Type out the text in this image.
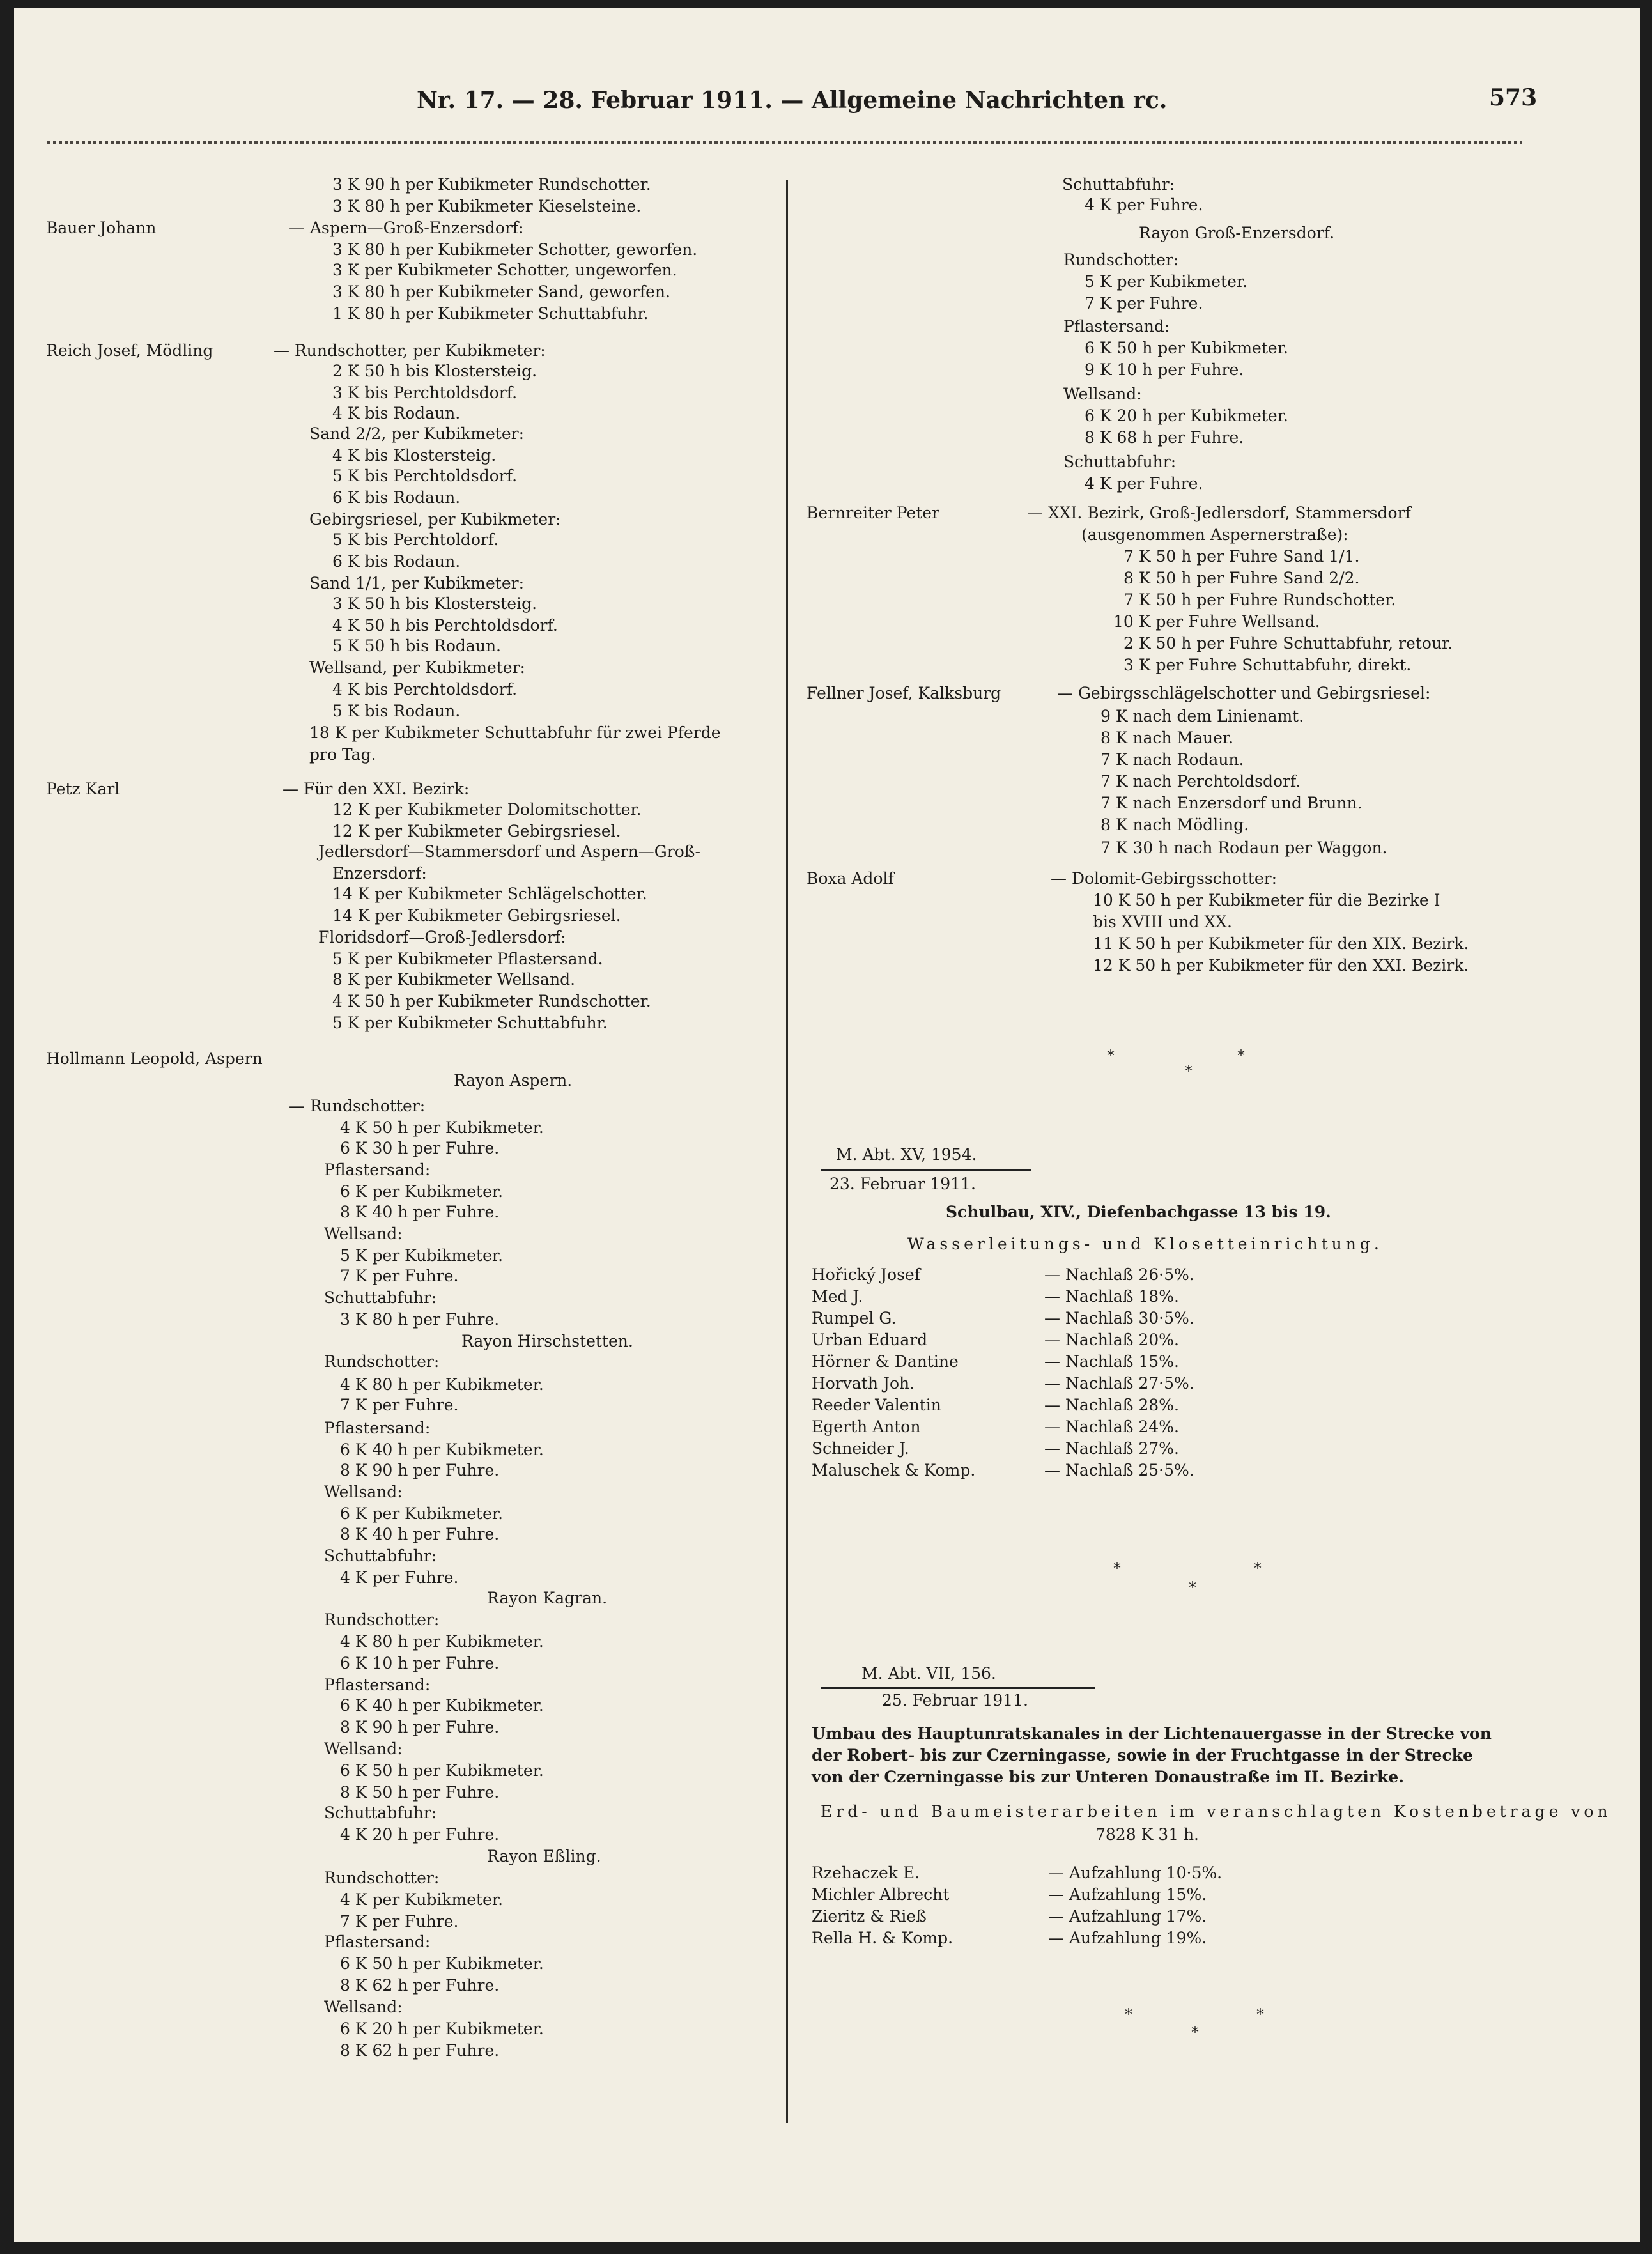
Nr. 17. — 28. Februar 1911. — Allgemeine Nachrichten rc.	573
3 K 90 h per Kubikmeter Rundschotter.
3 K 80 h per Kubikmeter Kieselsteine.
Bauer Johann	— Aspern—Groß-Enzersdorf:
3 K 80 h per Kubikmeter Schotter, geworfen.
3 K per Kubikmeter Schotter, ungeworfen.
3 K 80 h per Kubikmeter Sand, geworfen.
1 K 80 h per Kubikmeter Schuttabfuhr.
Reich Josef, Mödling	— Rundschotter, per Kubikmeter:
2 K 50 h bis Klostersteig.
3 K bis Perchtoldsdorf.
4 K bis Rodaun.
Sand 2/2, per Kubikmeter:
4 K bis Klostersteig.
5 K bis Perchtoldsdorf.
6 K bis Rodaun.
Gebirgsriesel, per Kubikmeter:
5 K bis Perchtoldorf.
6 K bis Rodaun.
Sand 1/1, per Kubikmeter:
3 K 50 h bis Klostersteig.
4 K 50 h bis Perchtoldsdorf.
5 K 50 h bis Rodaun.
Wellsand, per Kubikmeter:
4 K bis Perchtoldsdorf.
5 K bis Rodaun.
18 K per Kubikmeter Schuttabfuhr für zwei Pferde
pro Tag.
Petz Karl	— Für den XXI. Bezirk:
12 K per Kubikmeter Dolomitschotter.
12 K per Kubikmeter Gebirgsriesel.
Jedlersdorf—Stammersdorf und Aspern—Groß-
Enzersdorf:
14 K per Kubikmeter Schlägelschotter.
14 K per Kubikmeter Gebirgsriesel.
Floridsdorf—Groß-Jedlersdorf:
5 K per Kubikmeter Pflastersand.
8 K per Kubikmeter Wellsand.
4 K 50 h per Kubikmeter Rundschotter.
5 K per Kubikmeter Schuttabfuhr.
Hollmann Leopold, Aspern
Rayon Aspern.
— Rundschotter:
4 K 50 h per Kubikmeter.
6 K 30 h per Fuhre.
Pflastersand:
6 K per Kubikmeter.
8 K 40 h per Fuhre.
Wellsand:
5 K per Kubikmeter.
7 K per Fuhre.
Schuttabfuhr:
3 K 80 h per Fuhre.
Rayon Hirschstetten.
Rundschotter:
4 K 80 h per Kubikmeter.
7 K per Fuhre.
Pflastersand:
6 K 40 h per Kubikmeter.
8 K 90 h per Fuhre.
Wellsand:
6 K per Kubikmeter.
8 K 40 h per Fuhre.
Schuttabfuhr:
4 K per Fuhre.
Rayon Kagran.
Rundschotter:
4 K 80 h per Kubikmeter.
6 K 10 h per Fuhre.
Pflastersand:
6 K 40 h per Kubikmeter.
8 K 90 h per Fuhre.
Wellsand:
6 K 50 h per Kubikmeter.
8 K 50 h per Fuhre.
Schuttabfuhr:
4 K 20 h per Fuhre.
Rayon Eßling.
Rundschotter:
4 K per Kubikmeter.
7 K per Fuhre.
Pflastersand:
6 K 50 h per Kubikmeter.
8 K 62 h per Fuhre.
Wellsand:
6 K 20 h per Kubikmeter.
8 K 62 h per Fuhre.
Schuttabfuhr:
4 K per Fuhre.
Rayon Groß-Enzersdorf.
Rundschotter:
5 K per Kubikmeter.
7 K per Fuhre.
Pflastersand:
6 K 50 h per Kubikmeter.
9 K 10 h per Fuhre.
Wellsand:
6 K 20 h per Kubikmeter.
8 K 68 h per Fuhre.
Schuttabfuhr:
4 K per Fuhre.
Bernreiter Peter	— XXI. Bezirk, Groß-Jedlersdorf, Stammersdorf
(ausgenommen Aspernerstraße):
7 K 50 h per Fuhre Sand 1/1.
8 K 50 h per Fuhre Sand 2/2.
7 K 50 h per Fuhre Rundschotter.
10 K per Fuhre Wellsand.
2 K 50 h per Fuhre Schuttabfuhr, retour.
3 K per Fuhre Schuttabfuhr, direkt.
Fellner Josef, Kalksburg	— Gebirgsschlägelschotter und Gebirgsriesel:
9 K nach dem Linienamt.
8 K nach Mauer.
7 K nach Rodaun.
7 K nach Perchtoldsdorf.
7 K nach Enzersdorf und Brunn.
8 K nach Mödling.
7 K 30 h nach Rodaun per Waggon.
Boxa Adolf	— Dolomit-Gebirgsschotter:
10 K 50 h per Kubikmeter für die Bezirke I
bis XVIII und XX.
11 K 50 h per Kubikmeter für den XIX. Bezirk.
12 K 50 h per Kubikmeter für den XXI. Bezirk.
*
*
*
M. Abt. XV, 1954.
23. Februar 1911.
Schulbau, XIV., Diefenbachgasse 13 bis 19.
Wasserleitungs- und Klosetteinrichtung.
Hořický Josef	— Nachlaß 26·5%.
Med J.	— Nachlaß 18%.
Rumpel G.	— Nachlaß 30·5%.
Urban Eduard	— Nachlaß 20%.
Hörner & Dantine	— Nachlaß 15%.
Horvath Joh.	— Nachlaß 27·5%.
Reeder Valentin	— Nachlaß 28%.
Egerth Anton	— Nachlaß 24%.
Schneider J.	— Nachlaß 27%.
Maluschek & Komp.	— Nachlaß 25·5%.
*
*
*
M. Abt. VII, 156.
25. Februar 1911.
Umbau des Hauptunratskanales in der Lichtenauergasse in der Strecke von
der Robert- bis zur Czerningasse, sowie in der Fruchtgasse in der Strecke
von der Czerningasse bis zur Unteren Donaustraße im II. Bezirke.
Erd- und Baumeisterarbeiten im veranschlagten Kostenbetrage von
7828 K 31 h.
Rzehaczek E.	— Aufzahlung 10·5%.
Michler Albrecht	— Aufzahlung 15%.
Zieritz & Rieß	— Aufzahlung 17%.
Rella H. & Komp.	— Aufzahlung 19%.
*
*
*
